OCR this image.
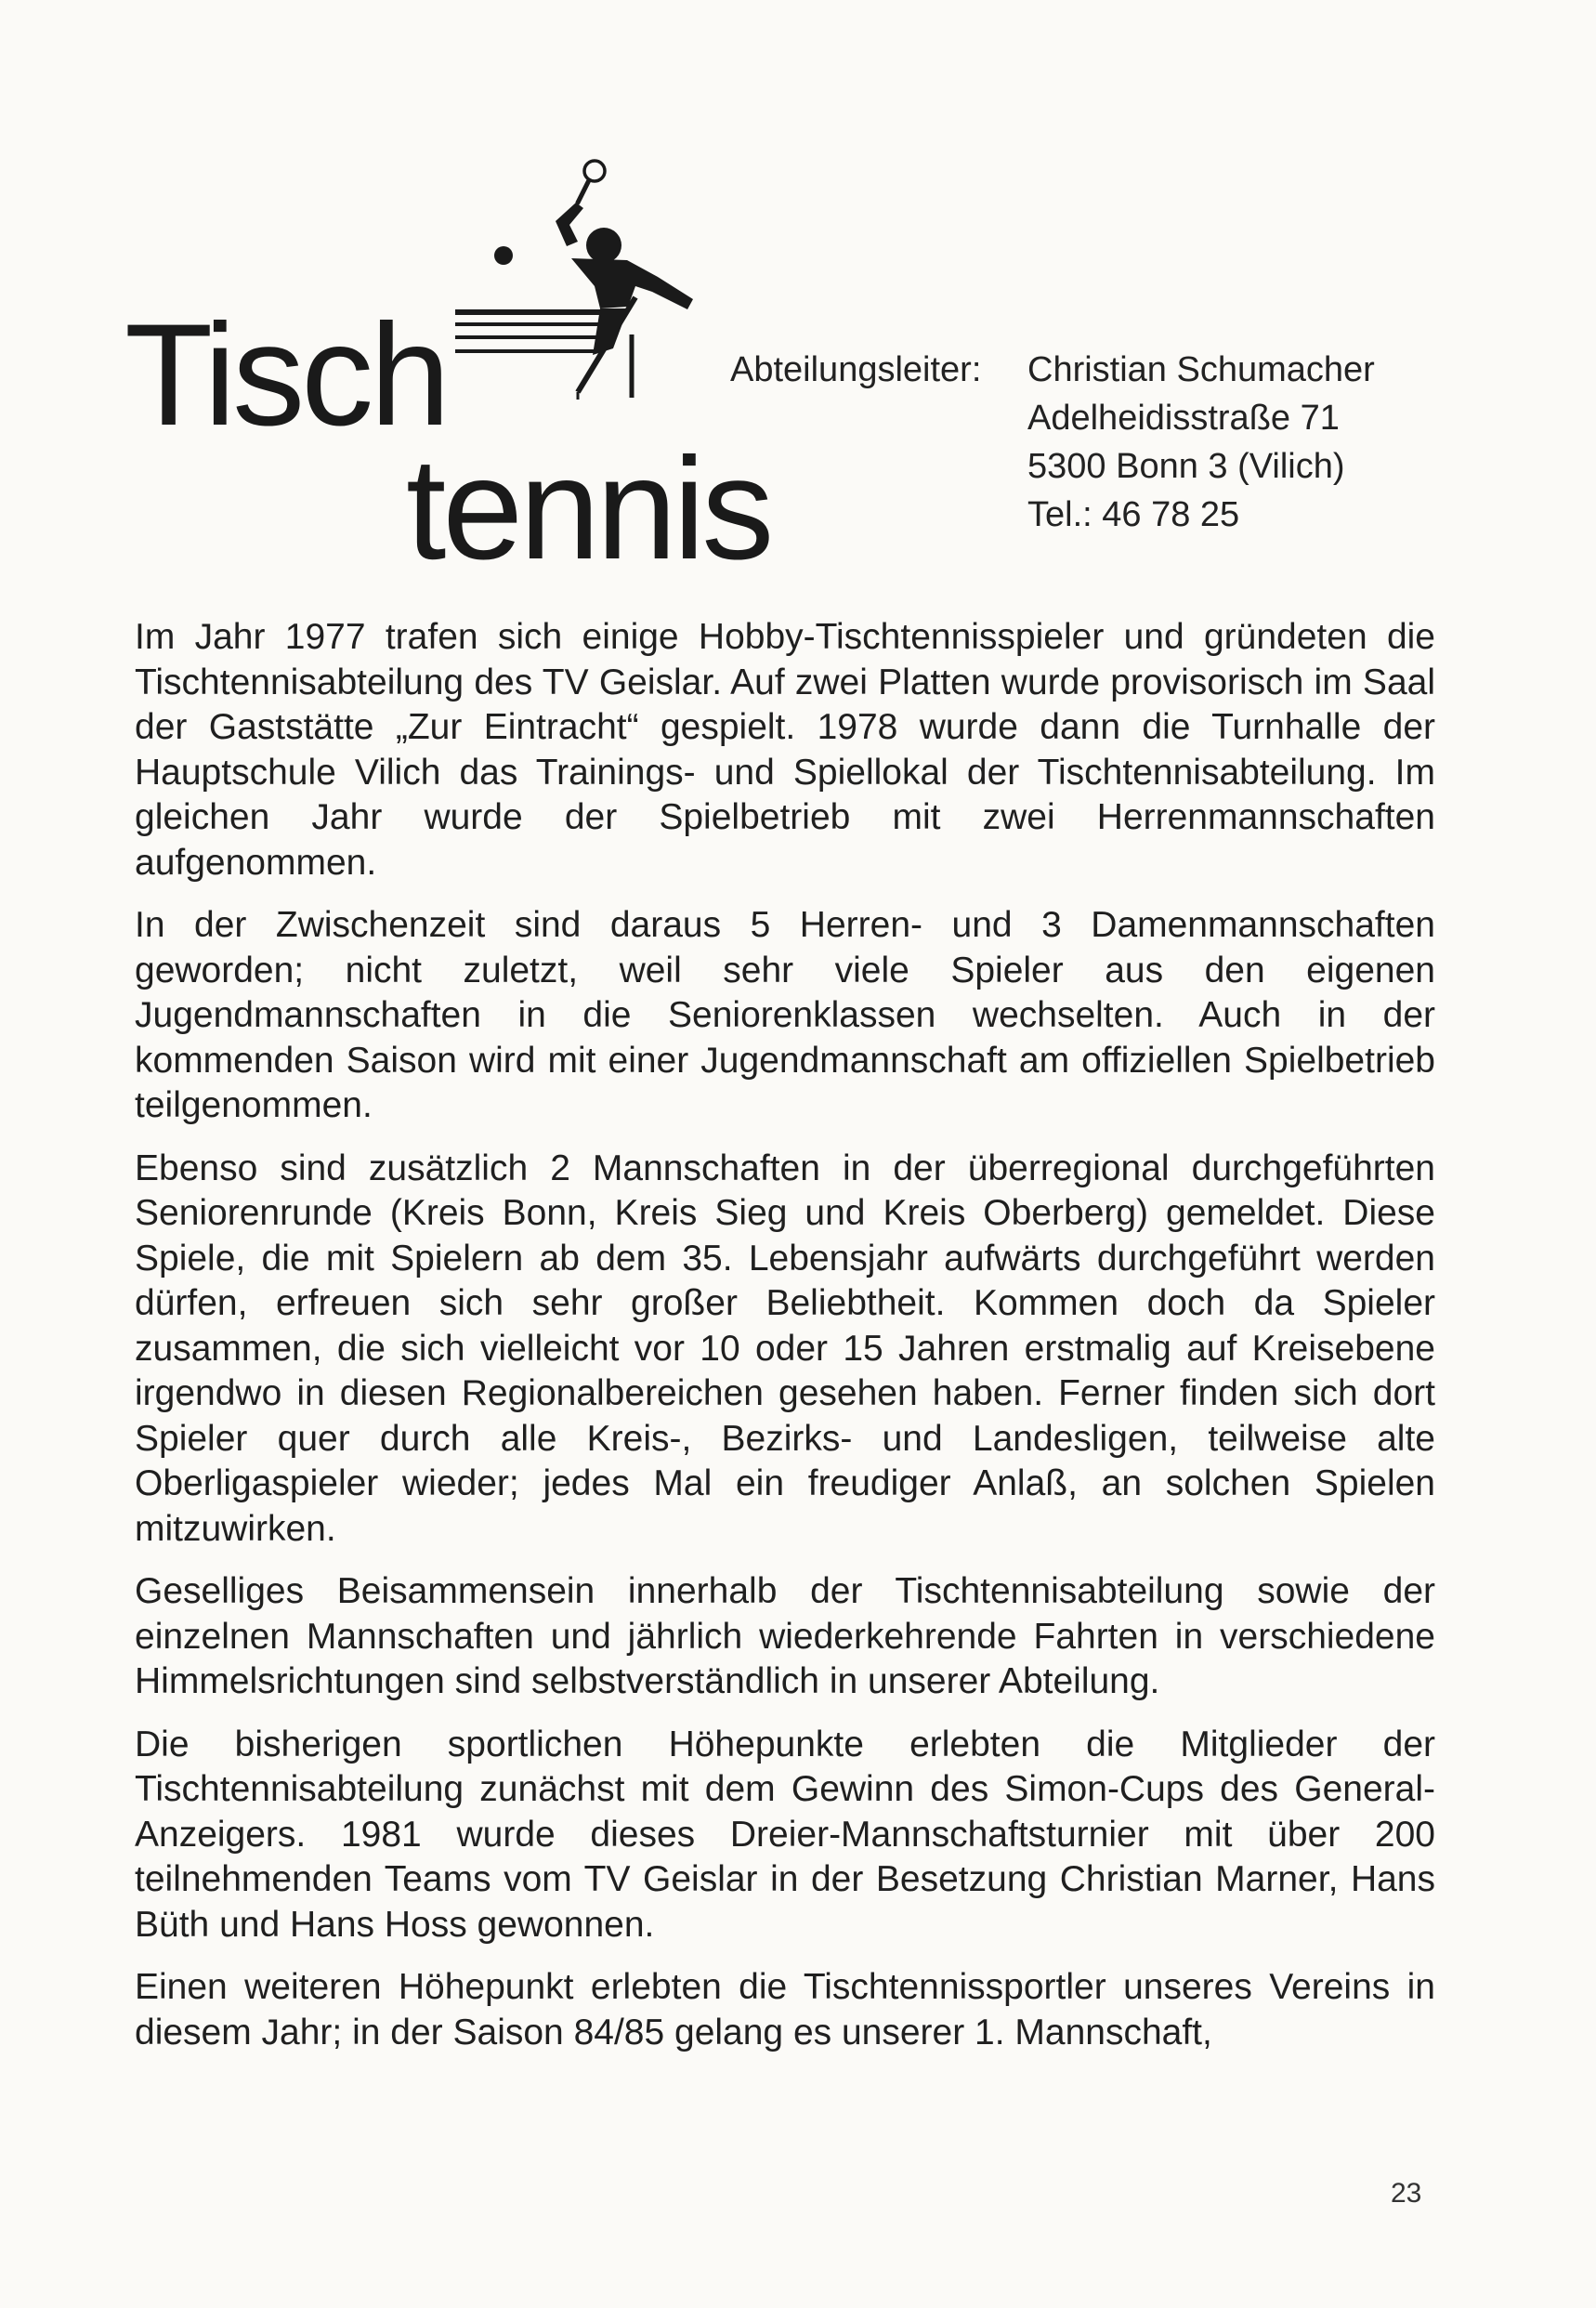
Tisch
tennis
Abteilungsleiter:	Christian Schumacher
Adelheidisstraße 71
5300 Bonn 3 (Vilich)
Tel.: 46 78 25

Im Jahr 1977 trafen sich einige Hobby-Tischtennisspieler und gründeten die Tischtennisabteilung des TV Geislar. Auf zwei Platten wurde provisorisch im Saal der Gaststätte „Zur Eintracht“ gespielt. 1978 wurde dann die Turnhalle der Hauptschule Vilich das Trainings- und Spiellokal der Tischtennisabteilung. Im gleichen Jahr wurde der Spielbetrieb mit zwei Herrenmannschaften aufgenommen.

In der Zwischenzeit sind daraus 5 Herren- und 3 Damenmannschaften geworden; nicht zuletzt, weil sehr viele Spieler aus den eigenen Jugendmannschaften in die Seniorenklassen wechselten. Auch in der kommenden Saison wird mit einer Jugendmannschaft am offiziellen Spielbetrieb teilgenommen.

Ebenso sind zusätzlich 2 Mannschaften in der überregional durchgeführten Seniorenrunde (Kreis Bonn, Kreis Sieg und Kreis Oberberg) gemeldet. Diese Spiele, die mit Spielern ab dem 35. Lebensjahr aufwärts durchgeführt werden dürfen, erfreuen sich sehr großer Beliebtheit. Kommen doch da Spieler zusammen, die sich vielleicht vor 10 oder 15 Jahren erstmalig auf Kreisebene irgendwo in diesen Regionalbereichen gesehen haben. Ferner finden sich dort Spieler quer durch alle Kreis-, Bezirks- und Landesligen, teilweise alte Oberligaspieler wieder; jedes Mal ein freudiger Anlaß, an solchen Spielen mitzuwirken.

Geselliges Beisammensein innerhalb der Tischtennisabteilung sowie der einzelnen Mannschaften und jährlich wiederkehrende Fahrten in verschiedene Himmelsrichtungen sind selbstverständlich in unserer Abteilung.

Die bisherigen sportlichen Höhepunkte erlebten die Mitglieder der Tischtennisabteilung zunächst mit dem Gewinn des Simon-Cups des General-Anzeigers. 1981 wurde dieses Dreier-Mannschaftsturnier mit über 200 teilnehmenden Teams vom TV Geislar in der Besetzung Christian Marner, Hans Büth und Hans Hoss gewonnen.

Einen weiteren Höhepunkt erlebten die Tischtennissportler unseres Vereins in diesem Jahr; in der Saison 84/85 gelang es unserer 1. Mannschaft,

23
